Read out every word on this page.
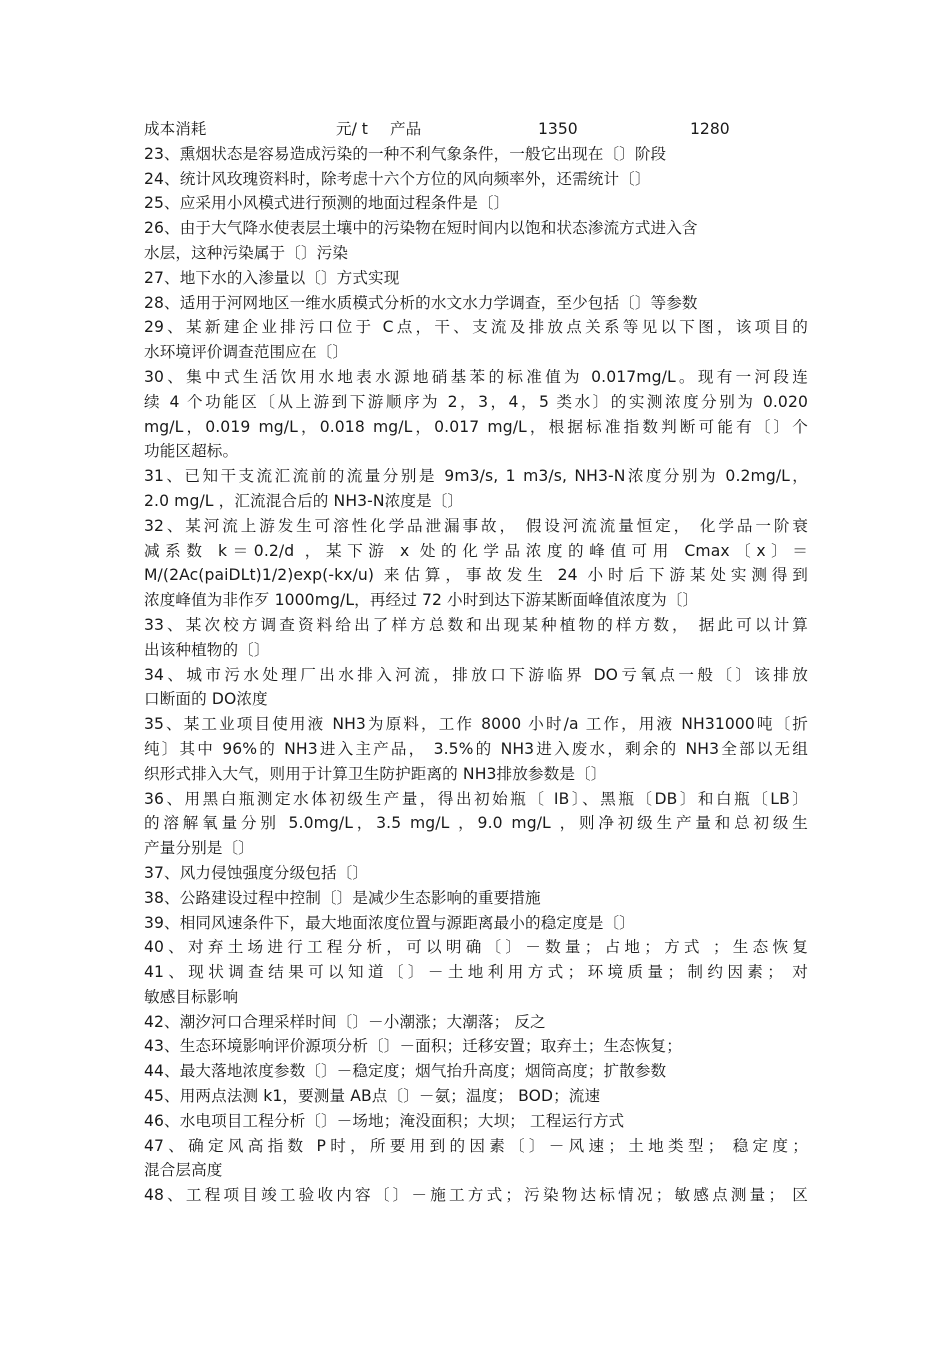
成本消耗	元/ t 产品	1350	1280
23、熏烟状态是容易造成污染的一种不利气象条件，一般它出现在〔〕阶段
24、统计风玫瑰资料时，除考虑十六个方位的风向频率外，还需统计〔〕
25、应采用小风模式进行预测的地面过程条件是〔〕
26、由于大气降水使表层土壤中的污染物在短时间内以饱和状态渗流方式进入含
水层，这种污染属于〔〕污染
27、地下水的入渗量以〔〕方式实现
28、适用于河网地区一维水质模式分析的水文水力学调查，至少包括〔〕等参数
29、某新建企业排污口位于 C点，干、支流及排放点关系等见以下图，该项目的
水环境评价调查范围应在〔〕
30、集中式生活饮用水地表水源地硝基苯的标准值为 0.017mg/L。现有一河段连
续 4 个功能区〔从上游到下游顺序为 2，3，4，5 类水〕的实测浓度分别为 0.020
mg/L，0.019 mg/L，0.018 mg/L，0.017 mg/L，根据标准指数判断可能有〔〕个
功能区超标。
31、已知干支流汇流前的流量分别是 9m3/s, 1 m3/s, NH3-N浓度分别为 0.2mg/L，
2.0 mg/L ，汇流混合后的 NH3-N浓度是〔〕
32、某河流上游发生可溶性化学品泄漏事故， 假设河流流量恒定， 化学品一阶衰
减系数 k＝0.2/d ，某下游 x 处的化学品浓度的峰值可用 Cmax〔x〕＝
M/(2Ac(paiDLt)1/2)exp(-kx/u) 来估算，事故发生 24 小时后下游某处实测得到
浓度峰值为非作歹 1000mg/L，再经过 72 小时到达下游某断面峰值浓度为〔〕
33、某次校方调查资料给出了样方总数和出现某种植物的样方数， 据此可以计算
出该种植物的〔〕
34、城市污水处理厂出水排入河流，排放口下游临界 DO亏氧点一般〔〕该排放
口断面的 DO浓度
35、某工业项目使用液 NH3为原料，工作 8000 小时/a 工作，用液 NH31000吨〔折
纯〕其中 96%的 NH3进入主产品， 3.5%的 NH3进入废水，剩余的 NH3全部以无组
织形式排入大气，则用于计算卫生防护距离的 NH3排放参数是〔〕
36、用黑白瓶测定水体初级生产量，得出初始瓶〔 IB〕、黑瓶〔DB〕和白瓶〔LB〕
的溶解氧量分别 5.0mg/L，3.5 mg/L ，9.0 mg/L ，则净初级生产量和总初级生
产量分别是〔〕
37、风力侵蚀强度分级包括〔〕
38、公路建设过程中控制〔〕是减少生态影响的重要措施
39、相同风速条件下，最大地面浓度位置与源距离最小的稳定度是〔〕
40、对弃土场进行工程分析，可以明确〔〕－数量；占地；方式 ；生态恢复
41、现状调查结果可以知道〔〕－土地利用方式；环境质量；制约因素； 对
敏感目标影响
42、潮汐河口合理采样时间〔〕－小潮涨；大潮落； 反之
43、生态环境影响评价源项分析〔〕－面积；迁移安置；取弃土；生态恢复；
44、最大落地浓度参数〔〕－稳定度；烟气抬升高度；烟筒高度；扩散参数
45、用两点法测 k1，要测量 AB点〔〕－氨；温度； BOD；流速
46、水电项目工程分析〔〕－场地；淹没面积；大坝； 工程运行方式
47、确定风高指数 P时，所要用到的因素〔〕－风速；土地类型； 稳定度；
混合层高度
48、工程项目竣工验收内容〔〕－施工方式；污染物达标情况；敏感点测量； 区
